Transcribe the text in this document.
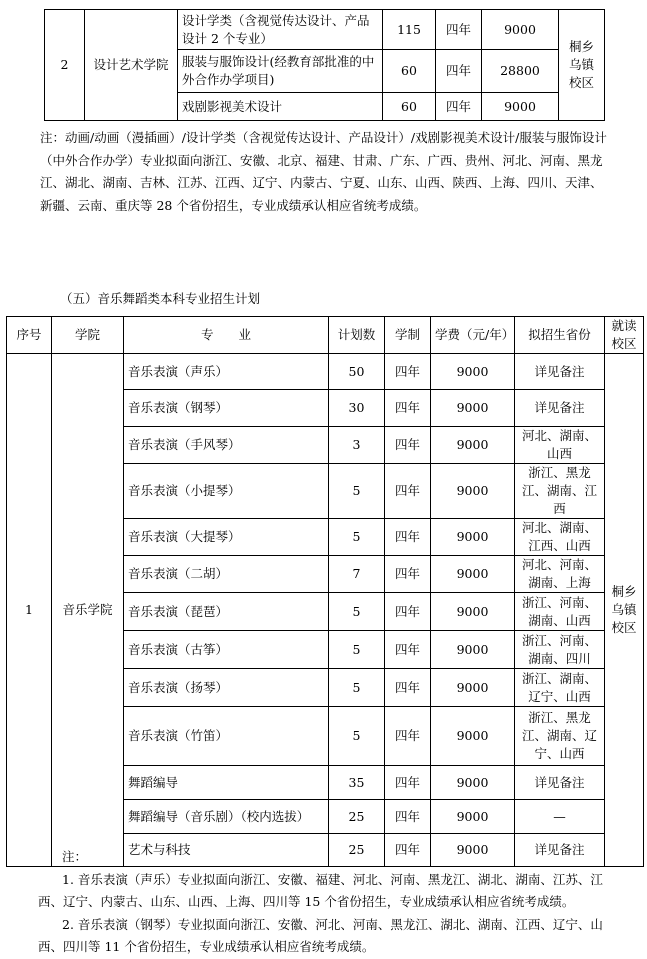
2	设计艺术学院	设计学类（含视觉传达设计、产品设计 2 个专业）	115	四年	9000	桐乡乌镇校区
		服装与服饰设计(经教育部批准的中外合作办学项目)	60	四年	28800	
		戏剧影视美术设计	60	四年	9000	
注：动画/动画（漫插画）/设计学类（含视觉传达设计、产品设计）/戏剧影视美术设计/服装与服饰设计（中外合作办学）专业拟面向浙江、安徽、北京、福建、甘肃、广东、广西、贵州、河北、河南、黑龙江、湖北、湖南、吉林、江苏、江西、辽宁、内蒙古、宁夏、山东、山西、陕西、上海、四川、天津、新疆、云南、重庆等 28 个省份招生，专业成绩承认相应省统考成绩。
（五）音乐舞蹈类本科专业招生计划
序号	学院	专　　业	计划数	学制	学费（元/年）	拟招生省份	就读校区
1	音乐学院	音乐表演（声乐）	50	四年	9000	详见备注	桐乡乌镇校区
		音乐表演（钢琴）	30	四年	9000	详见备注	
		音乐表演（手风琴）	3	四年	9000	河北、湖南、山西	
		音乐表演（小提琴）	5	四年	9000	浙江、黑龙江、湖南、江西	
		音乐表演（大提琴）	5	四年	9000	河北、湖南、江西、山西	
		音乐表演（二胡）	7	四年	9000	河北、河南、湖南、上海	
		音乐表演（琵琶）	5	四年	9000	浙江、河南、湖南、山西	
		音乐表演（古筝）	5	四年	9000	浙江、河南、湖南、四川	
		音乐表演（扬琴）	5	四年	9000	浙江、湖南、辽宁、山西	
		音乐表演（竹笛）	5	四年	9000	浙江、黑龙江、湖南、辽宁、山西	
		舞蹈编导	35	四年	9000	详见备注	
		舞蹈编导（音乐剧）（校内选拔）	25	四年	9000	—	
		艺术与科技	25	四年	9000	详见备注	
注：
1. 音乐表演（声乐）专业拟面向浙江、安徽、福建、河北、河南、黑龙江、湖北、湖南、江苏、江西、辽宁、内蒙古、山东、山西、上海、四川等 15 个省份招生，专业成绩承认相应省统考成绩。
2. 音乐表演（钢琴）专业拟面向浙江、安徽、河北、河南、黑龙江、湖北、湖南、江西、辽宁、山西、四川等 11 个省份招生，专业成绩承认相应省统考成绩。
